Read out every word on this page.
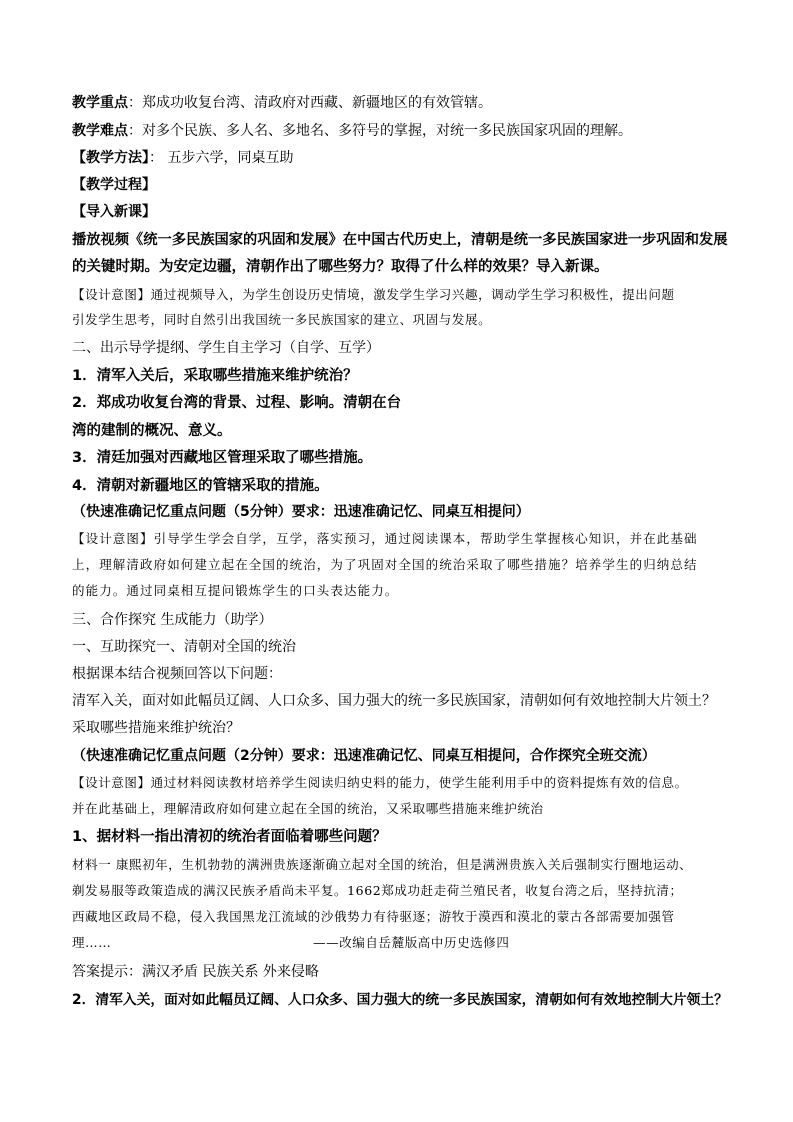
教学重点：郑成功收复台湾、清政府对西藏、新疆地区的有效管辖。
教学难点：对多个民族、多人名、多地名、多符号的掌握，对统一多民族国家巩固的理解。
【教学方法】： 五步六学，同桌互助
【教学过程】
【导入新课】
播放视频《统一多民族国家的巩固和发展》在中国古代历史上，清朝是统一多民族国家进一步巩固和发展
的关键时期。为安定边疆，清朝作出了哪些努力？取得了什么样的效果？导入新课。
【设计意图】通过视频导入，为学生创设历史情境，激发学生学习兴趣，调动学生学习积极性，提出问题
引发学生思考，同时自然引出我国统一多民族国家的建立、巩固与发展。
二、出示导学提纲、学生自主学习（自学、互学）
1．清军入关后，采取哪些措施来维护统治？
2．郑成功收复台湾的背景、过程、影响。清朝在台
湾的建制的概况、意义。
3．清廷加强对西藏地区管理采取了哪些措施。
4．清朝对新疆地区的管辖采取的措施。
（快速准确记忆重点问题（5分钟）要求：迅速准确记忆、同桌互相提问）
【设计意图】引导学生学会自学，互学，落实预习，通过阅读课本，帮助学生掌握核心知识，并在此基础
上，理解清政府如何建立起在全国的统治，为了巩固对全国的统治采取了哪些措施？培养学生的归纳总结
的能力。通过同桌相互提问锻炼学生的口头表达能力。
三、合作探究 生成能力（助学）
一、互助探究一、清朝对全国的统治
根据课本结合视频回答以下问题：
清军入关，面对如此幅员辽阔、人口众多、国力强大的统一多民族国家，清朝如何有效地控制大片领土？
采取哪些措施来维护统治？
（快速准确记忆重点问题（2分钟）要求：迅速准确记忆、同桌互相提问，合作探究全班交流）
【设计意图】通过材料阅读教材培养学生阅读归纳史料的能力，使学生能利用手中的资料提炼有效的信息。
并在此基础上，理解清政府如何建立起在全国的统治，又采取哪些措施来维护统治
1、据材料一指出清初的统治者面临着哪些问题？
材料一 康熙初年，生机勃勃的满洲贵族逐渐确立起对全国的统治，但是满洲贵族入关后强制实行圈地运动、
剃发易服等政策造成的满汉民族矛盾尚未平复。1662郑成功赶走荷兰殖民者，收复台湾之后，坚持抗清；
西藏地区政局不稳，侵入我国黑龙江流域的沙俄势力有待驱逐；游牧于漠西和漠北的蒙古各部需要加强管
理……	——改编自岳麓版高中历史选修四
答案提示：满汉矛盾 民族关系 外来侵略
2．清军入关，面对如此幅员辽阔、人口众多、国力强大的统一多民族国家，清朝如何有效地控制大片领土？
